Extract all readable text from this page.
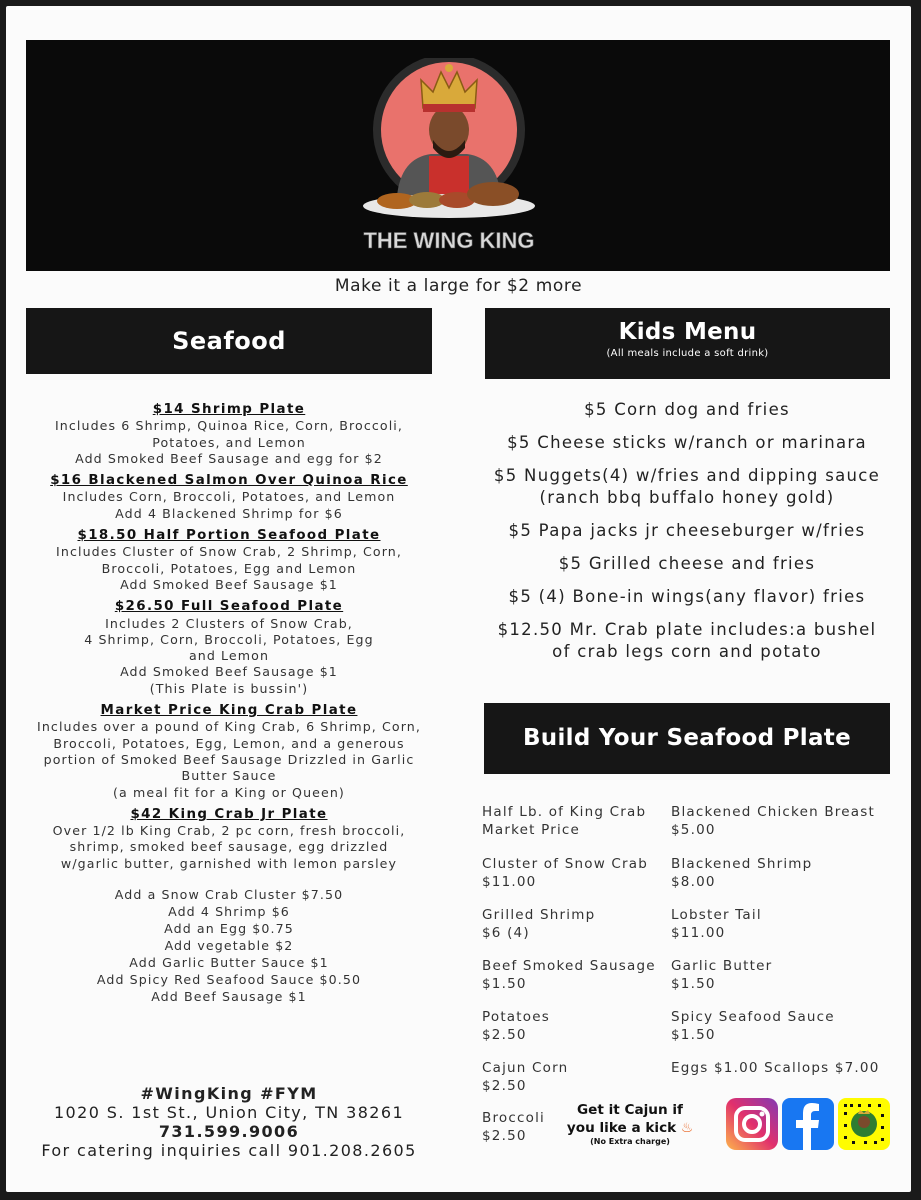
THE WING KING
Make it a large for $2 more
Seafood	Kids Menu
(All meals include a soft drink)
$14 Shrimp Plate
Includes 6 Shrimp, Quinoa Rice, Corn, Broccoli,
Potatoes, and Lemon
Add Smoked Beef Sausage and egg for $2
$16 Blackened Salmon Over Quinoa Rice
Includes Corn, Broccoli, Potatoes, and Lemon
Add 4 Blackened Shrimp for $6
$18.50 Half Portion Seafood Plate
Includes Cluster of Snow Crab, 2 Shrimp, Corn,
Broccoli, Potatoes, Egg and Lemon
Add Smoked Beef Sausage $1
$26.50 Full Seafood Plate
Includes 2 Clusters of Snow Crab,
4 Shrimp, Corn, Broccoli, Potatoes, Egg
and Lemon
Add Smoked Beef Sausage $1
(This Plate is bussin')
Market Price King Crab Plate
Includes over a pound of King Crab, 6 Shrimp, Corn,
Broccoli, Potatoes, Egg, Lemon, and a generous
portion of Smoked Beef Sausage Drizzled in Garlic
Butter Sauce
(a meal fit for a King or Queen)
$42 King Crab Jr Plate
Over 1/2 lb King Crab, 2 pc corn, fresh broccoli,
shrimp, smoked beef sausage, egg drizzled
w/garlic butter, garnished with lemon parsley
Add a Snow Crab Cluster $7.50
Add 4 Shrimp $6
Add an Egg $0.75
Add vegetable $2
Add Garlic Butter Sauce $1
Add Spicy Red Seafood Sauce $0.50
Add Beef Sausage $1
#WingKing #FYM
1020 S. 1st St., Union City, TN 38261
731.599.9006
For catering inquiries call 901.208.2605
$5 Corn dog and fries
$5 Cheese sticks w/ranch or marinara
$5 Nuggets(4) w/fries and dipping sauce
(ranch bbq buffalo honey gold)
$5 Papa jacks jr cheeseburger w/fries
$5 Grilled cheese and fries
$5 (4) Bone-in wings(any flavor) fries
$12.50 Mr. Crab plate includes:a bushel
of crab legs corn and potato
Build Your Seafood Plate
Half Lb. of King Crab
Market Price
Cluster of Snow Crab
$11.00
Grilled Shrimp
$6 (4)
Beef Smoked Sausage
$1.50
Potatoes
$2.50
Cajun Corn
$2.50
Broccoli
$2.50
Blackened Chicken Breast
$5.00
Blackened Shrimp
$8.00
Lobster Tail
$11.00
Garlic Butter
$1.50
Spicy Seafood Sauce
$1.50
Eggs $1.00 Scallops $7.00
Get it Cajun if
you like a kick ♨
(No Extra charge)
